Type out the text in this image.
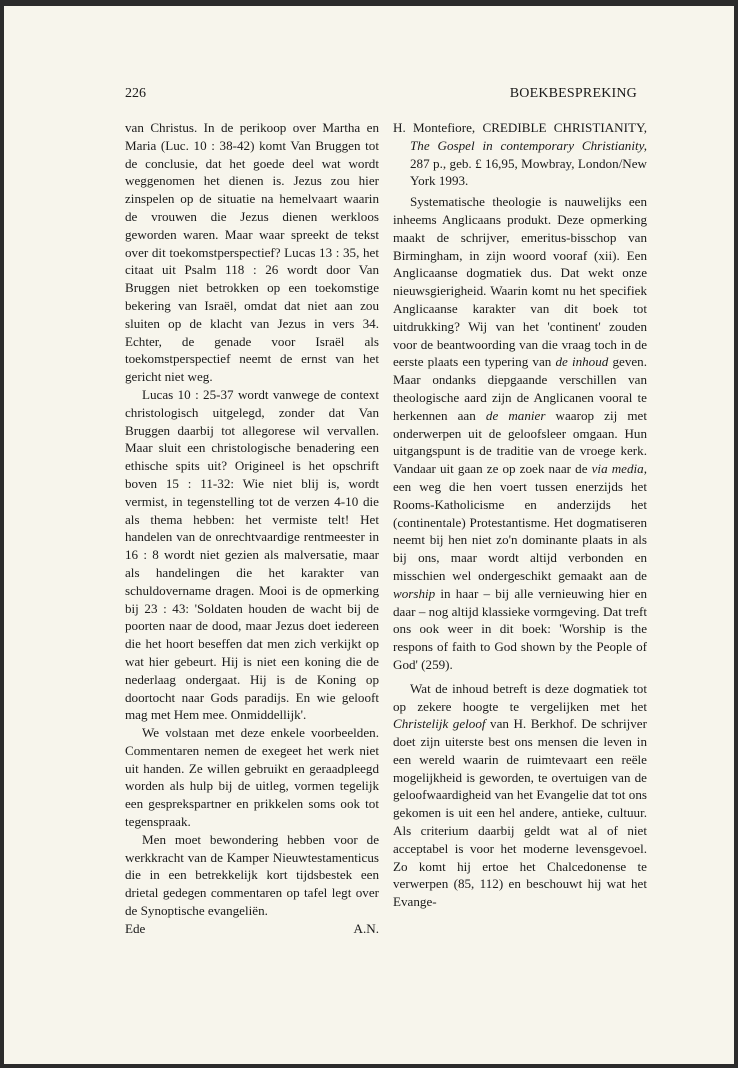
226	BOEKBESPREKING

van Christus. In de perikoop over Martha en Maria (Luc. 10 : 38-42) komt Van Bruggen tot de conclusie, dat het goede deel wat wordt weggenomen het dienen is. Jezus zou hier zinspelen op de situatie na hemelvaart waarin de vrouwen die Jezus dienen werkloos geworden waren. Maar waar spreekt de tekst over dit toekomstperspectief? Lucas 13 : 35, het citaat uit Psalm 118 : 26 wordt door Van Bruggen niet betrokken op een toekomstige bekering van Israël, omdat dat niet aan zou sluiten op de klacht van Jezus in vers 34. Echter, de genade voor Israël als toekomstperspectief neemt de ernst van het gericht niet weg.

Lucas 10 : 25-37 wordt vanwege de context christologisch uitgelegd, zonder dat Van Bruggen daarbij tot allegorese wil vervallen. Maar sluit een christologische benadering een ethische spits uit? Origineel is het opschrift boven 15 : 11-32: Wie niet blij is, wordt vermist, in tegenstelling tot de verzen 4-10 die als thema hebben: het vermiste telt! Het handelen van de onrechtvaardige rentmeester in 16 : 8 wordt niet gezien als malversatie, maar als handelingen die het karakter van schuldovername dragen. Mooi is de opmerking bij 23 : 43: 'Soldaten houden de wacht bij de poorten naar de dood, maar Jezus doet iedereen die het hoort beseffen dat men zich verkijkt op wat hier gebeurt. Hij is niet een koning die de nederlaag ondergaat. Hij is de Koning op doortocht naar Gods paradijs. En wie gelooft mag met Hem mee. Onmiddellijk'.

We volstaan met deze enkele voorbeelden. Commentaren nemen de exegeet het werk niet uit handen. Ze willen gebruikt en geraadpleegd worden als hulp bij de uitleg, vormen tegelijk een gesprekspartner en prikkelen soms ook tot tegenspraak.

Men moet bewondering hebben voor de werkkracht van de Kamper Nieuwtestamenticus die in een betrekkelijk kort tijdsbestek een drietal gedegen commentaren op tafel legt over de Synoptische evangeliën.

Ede	A.N.

H. Montefiore, CREDIBLE CHRISTIANITY, The Gospel in contemporary Christianity, 287 p., geb. £ 16,95, Mowbray, London/New York 1993.

Systematische theologie is nauwelijks een inheems Anglicaans produkt. Deze opmerking maakt de schrijver, emeritus-bisschop van Birmingham, in zijn woord vooraf (xii). Een Anglicaanse dogmatiek dus. Dat wekt onze nieuwsgierigheid. Waarin komt nu het specifiek Anglicaanse karakter van dit boek tot uitdrukking? Wij van het 'continent' zouden voor de beantwoording van die vraag toch in de eerste plaats een typering van de inhoud geven. Maar ondanks diepgaande verschillen van theologische aard zijn de Anglicanen vooral te herkennen aan de manier waarop zij met onderwerpen uit de geloofsleer omgaan. Hun uitgangspunt is de traditie van de vroege kerk. Vandaar uit gaan ze op zoek naar de via media, een weg die hen voert tussen enerzijds het Rooms-Katholicisme en anderzijds het (continentale) Protestantisme. Het dogmatiseren neemt bij hen niet zo'n dominante plaats in als bij ons, maar wordt altijd verbonden en misschien wel ondergeschikt gemaakt aan de worship in haar – bij alle vernieuwing hier en daar – nog altijd klassieke vormgeving. Dat treft ons ook weer in dit boek: 'Worship is the respons of faith to God shown by the People of God' (259).

Wat de inhoud betreft is deze dogmatiek tot op zekere hoogte te vergelijken met het Christelijk geloof van H. Berkhof. De schrijver doet zijn uiterste best ons mensen die leven in een wereld waarin de ruimtevaart een reële mogelijkheid is geworden, te overtuigen van de geloofwaardigheid van het Evangelie dat tot ons gekomen is uit een hel andere, antieke, cultuur. Als criterium daarbij geldt wat al of niet acceptabel is voor het moderne levensgevoel. Zo komt hij ertoe het Chalcedonense te verwerpen (85, 112) en beschouwt hij wat het Evange-
